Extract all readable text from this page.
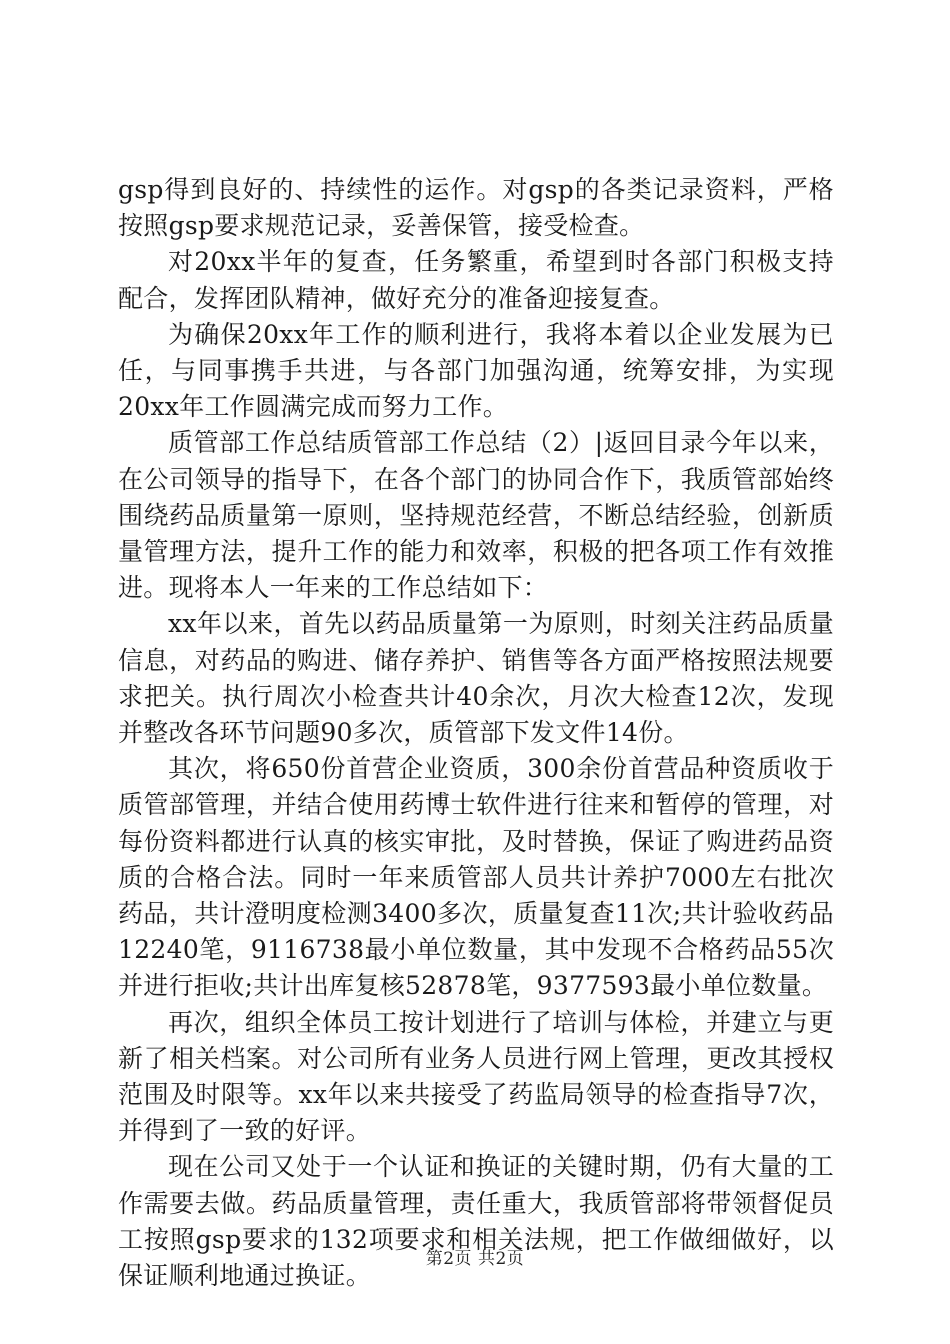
gsp得到良好的、持续性的运作。对gsp的各类记录资料，严格按照gsp要求规范记录，妥善保管，接受检查。

对20xx半年的复查，任务繁重，希望到时各部门积极支持配合，发挥团队精神，做好充分的准备迎接复查。

为确保20xx年工作的顺利进行，我将本着以企业发展为已任，与同事携手共进，与各部门加强沟通，统筹安排，为实现20xx年工作圆满完成而努力工作。

质管部工作总结质管部工作总结（2）|返回目录今年以来，在公司领导的指导下，在各个部门的协同合作下，我质管部始终围绕药品质量第一原则，坚持规范经营，不断总结经验，创新质量管理方法，提升工作的能力和效率，积极的把各项工作有效推进。现将本人一年来的工作总结如下：

xx年以来，首先以药品质量第一为原则，时刻关注药品质量信息，对药品的购进、储存养护、销售等各方面严格按照法规要求把关。执行周次小检查共计40余次，月次大检查12次，发现并整改各环节问题90多次，质管部下发文件14份。

其次，将650份首营企业资质，300余份首营品种资质收于质管部管理，并结合使用药博士软件进行往来和暂停的管理，对每份资料都进行认真的核实审批，及时替换，保证了购进药品资质的合格合法。同时一年来质管部人员共计养护7000左右批次药品，共计澄明度检测3400多次，质量复查11次;共计验收药品12240笔，9116738最小单位数量，其中发现不合格药品55次并进行拒收;共计出库复核52878笔，9377593最小单位数量。

再次，组织全体员工按计划进行了培训与体检，并建立与更新了相关档案。对公司所有业务人员进行网上管理，更改其授权范围及时限等。xx年以来共接受了药监局领导的检查指导7次，并得到了一致的好评。

现在公司又处于一个认证和换证的关键时期，仍有大量的工作需要去做。药品质量管理，责任重大，我质管部将带领督促员工按照gsp要求的132项要求和相关法规，把工作做细做好，以保证顺利地通过换证。

第2页 共2页
